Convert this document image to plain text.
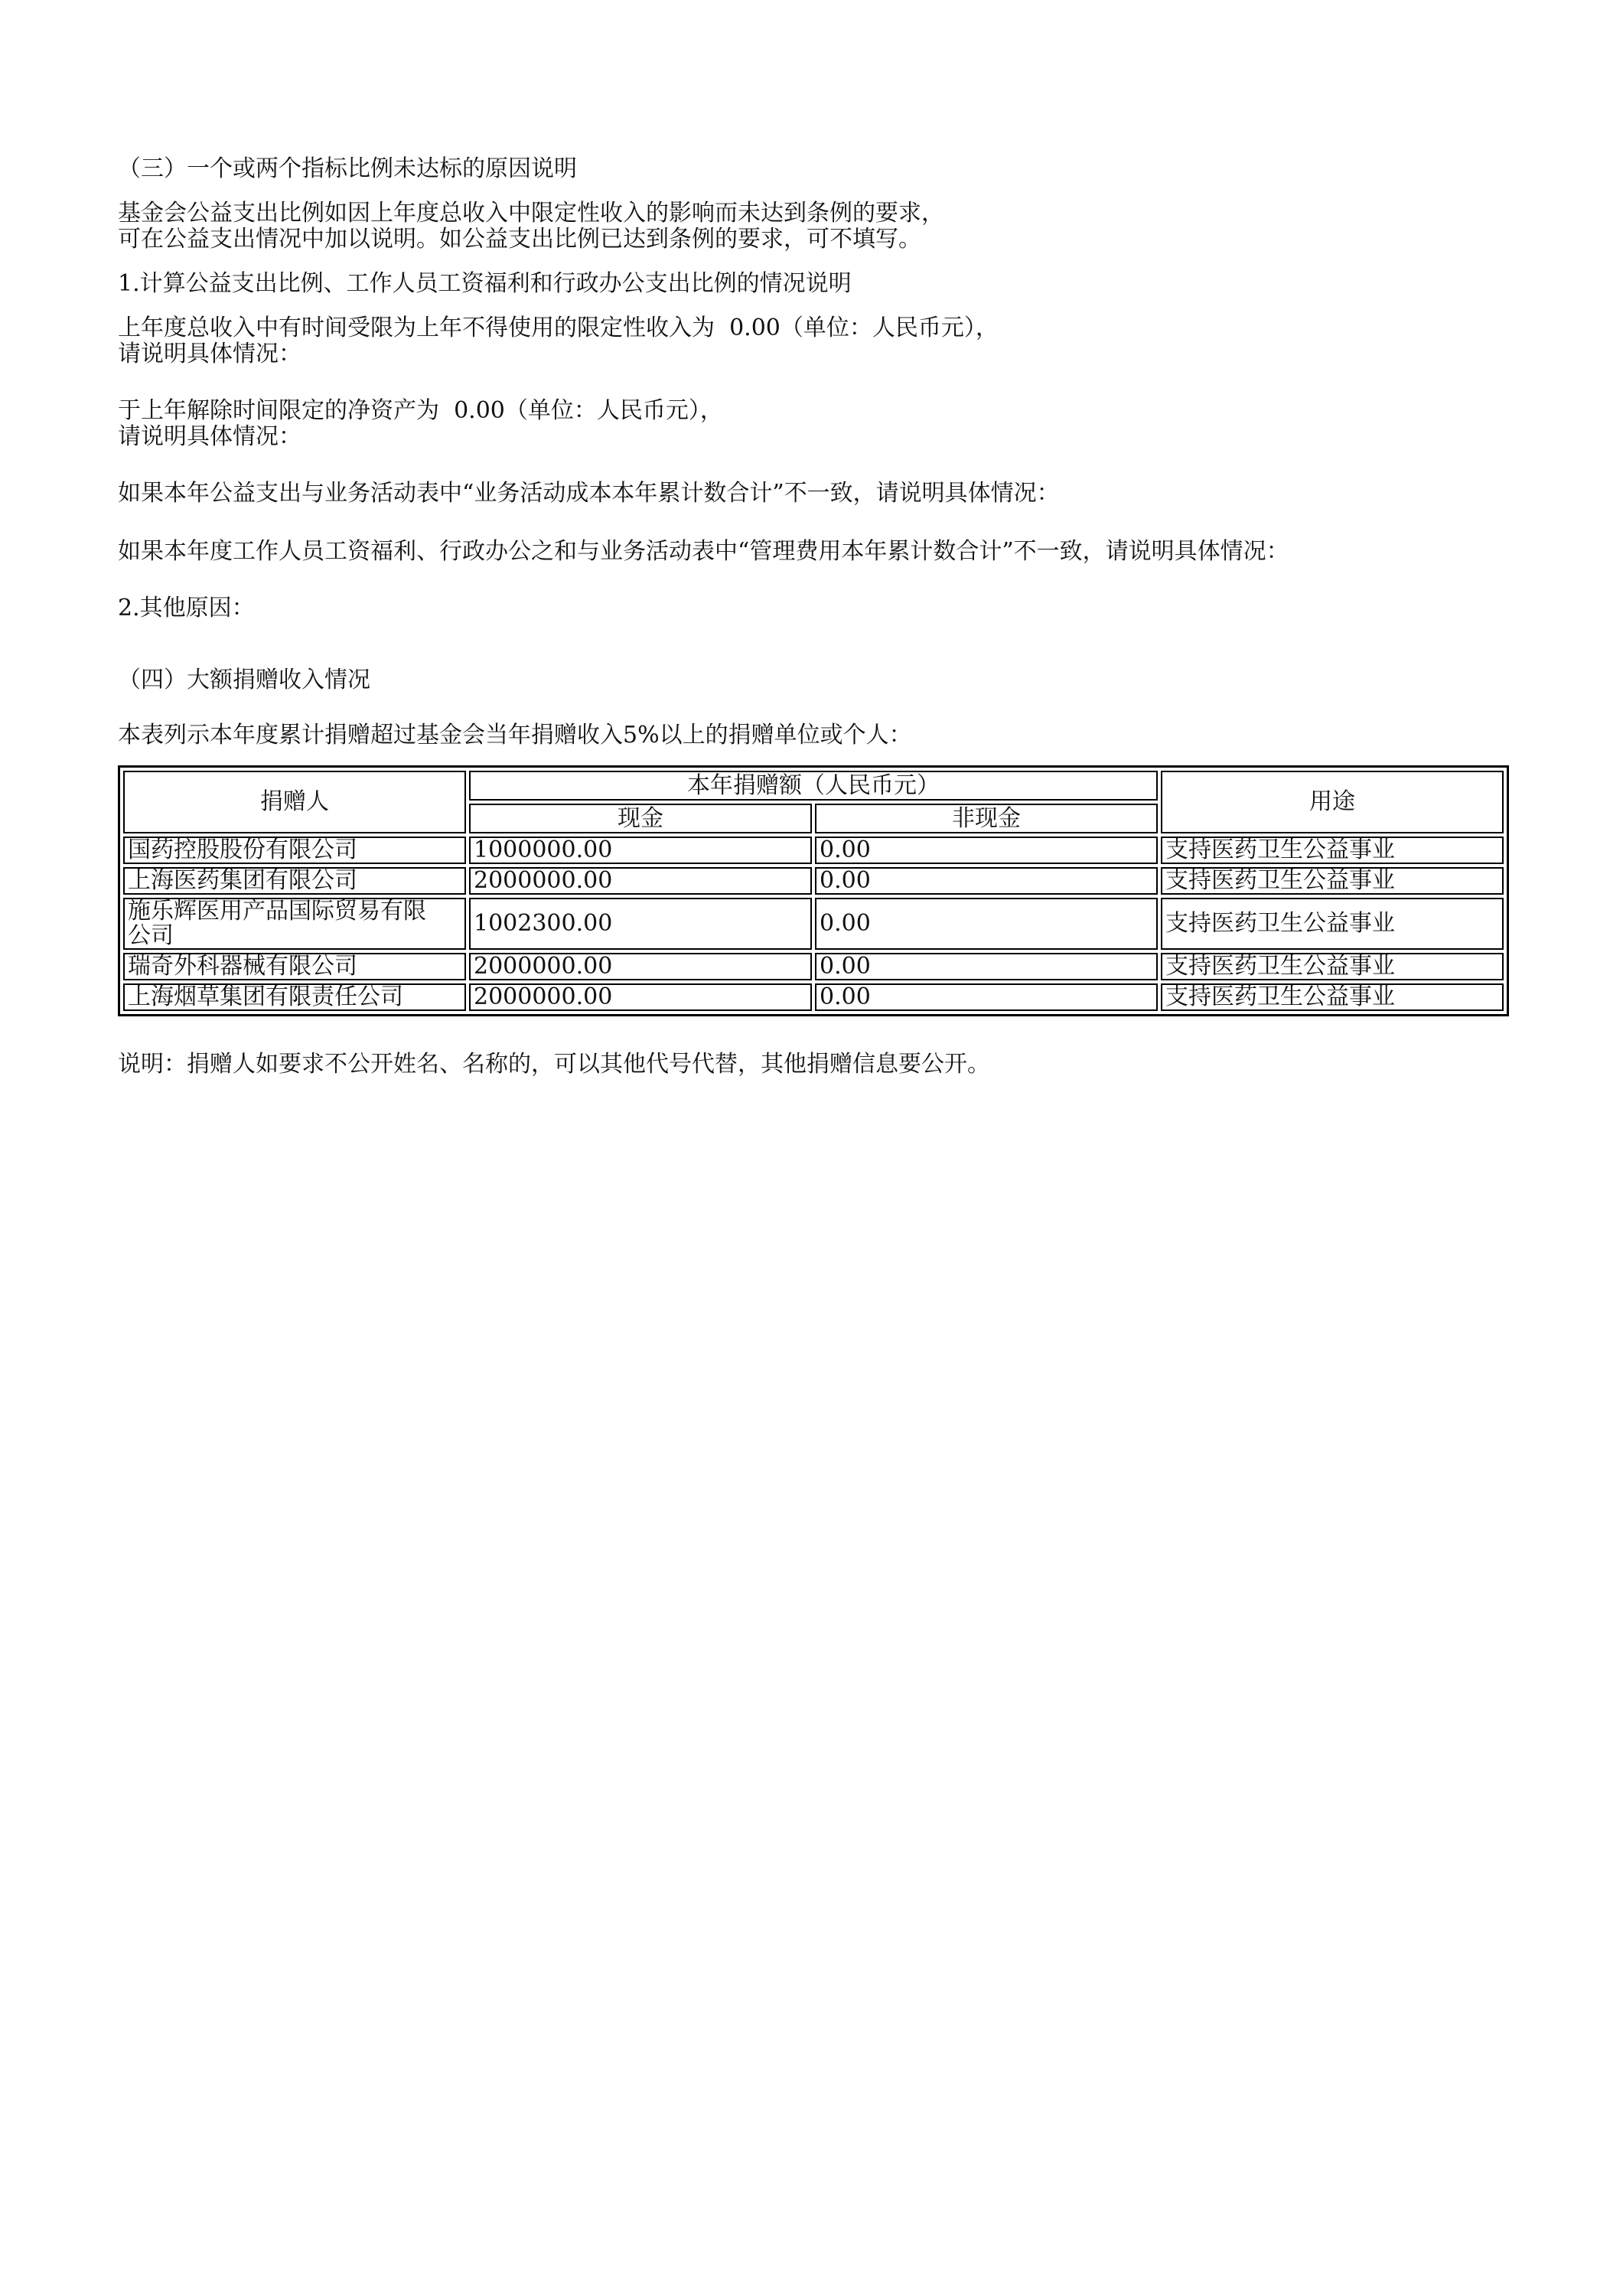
（三）一个或两个指标比例未达标的原因说明
基金会公益支出比例如因上年度总收入中限定性收入的影响而未达到条例的要求，
可在公益支出情况中加以说明。如公益支出比例已达到条例的要求，可不填写。
1.计算公益支出比例、工作人员工资福利和行政办公支出比例的情况说明
上年度总收入中有时间受限为上年不得使用的限定性收入为  0.00（单位：人民币元），
请说明具体情况：
于上年解除时间限定的净资产为  0.00（单位：人民币元），
请说明具体情况：
如果本年公益支出与业务活动表中“业务活动成本本年累计数合计”不一致，请说明具体情况：
如果本年度工作人员工资福利、行政办公之和与业务活动表中“管理费用本年累计数合计”不一致，请说明具体情况：
2.其他原因：
（四）大额捐赠收入情况
本表列示本年度累计捐赠超过基金会当年捐赠收入5%以上的捐赠单位或个人：
捐赠人	本年捐赠额（人民币元）		用途
	现金	非现金	
国药控股股份有限公司	1000000.00	0.00	支持医药卫生公益事业
上海医药集团有限公司	2000000.00	0.00	支持医药卫生公益事业
施乐辉医用产品国际贸易有限
公司	1002300.00	0.00	支持医药卫生公益事业
瑞奇外科器械有限公司	2000000.00	0.00	支持医药卫生公益事业
上海烟草集团有限责任公司	2000000.00	0.00	支持医药卫生公益事业
说明：捐赠人如要求不公开姓名、名称的，可以其他代号代替，其他捐赠信息要公开。
